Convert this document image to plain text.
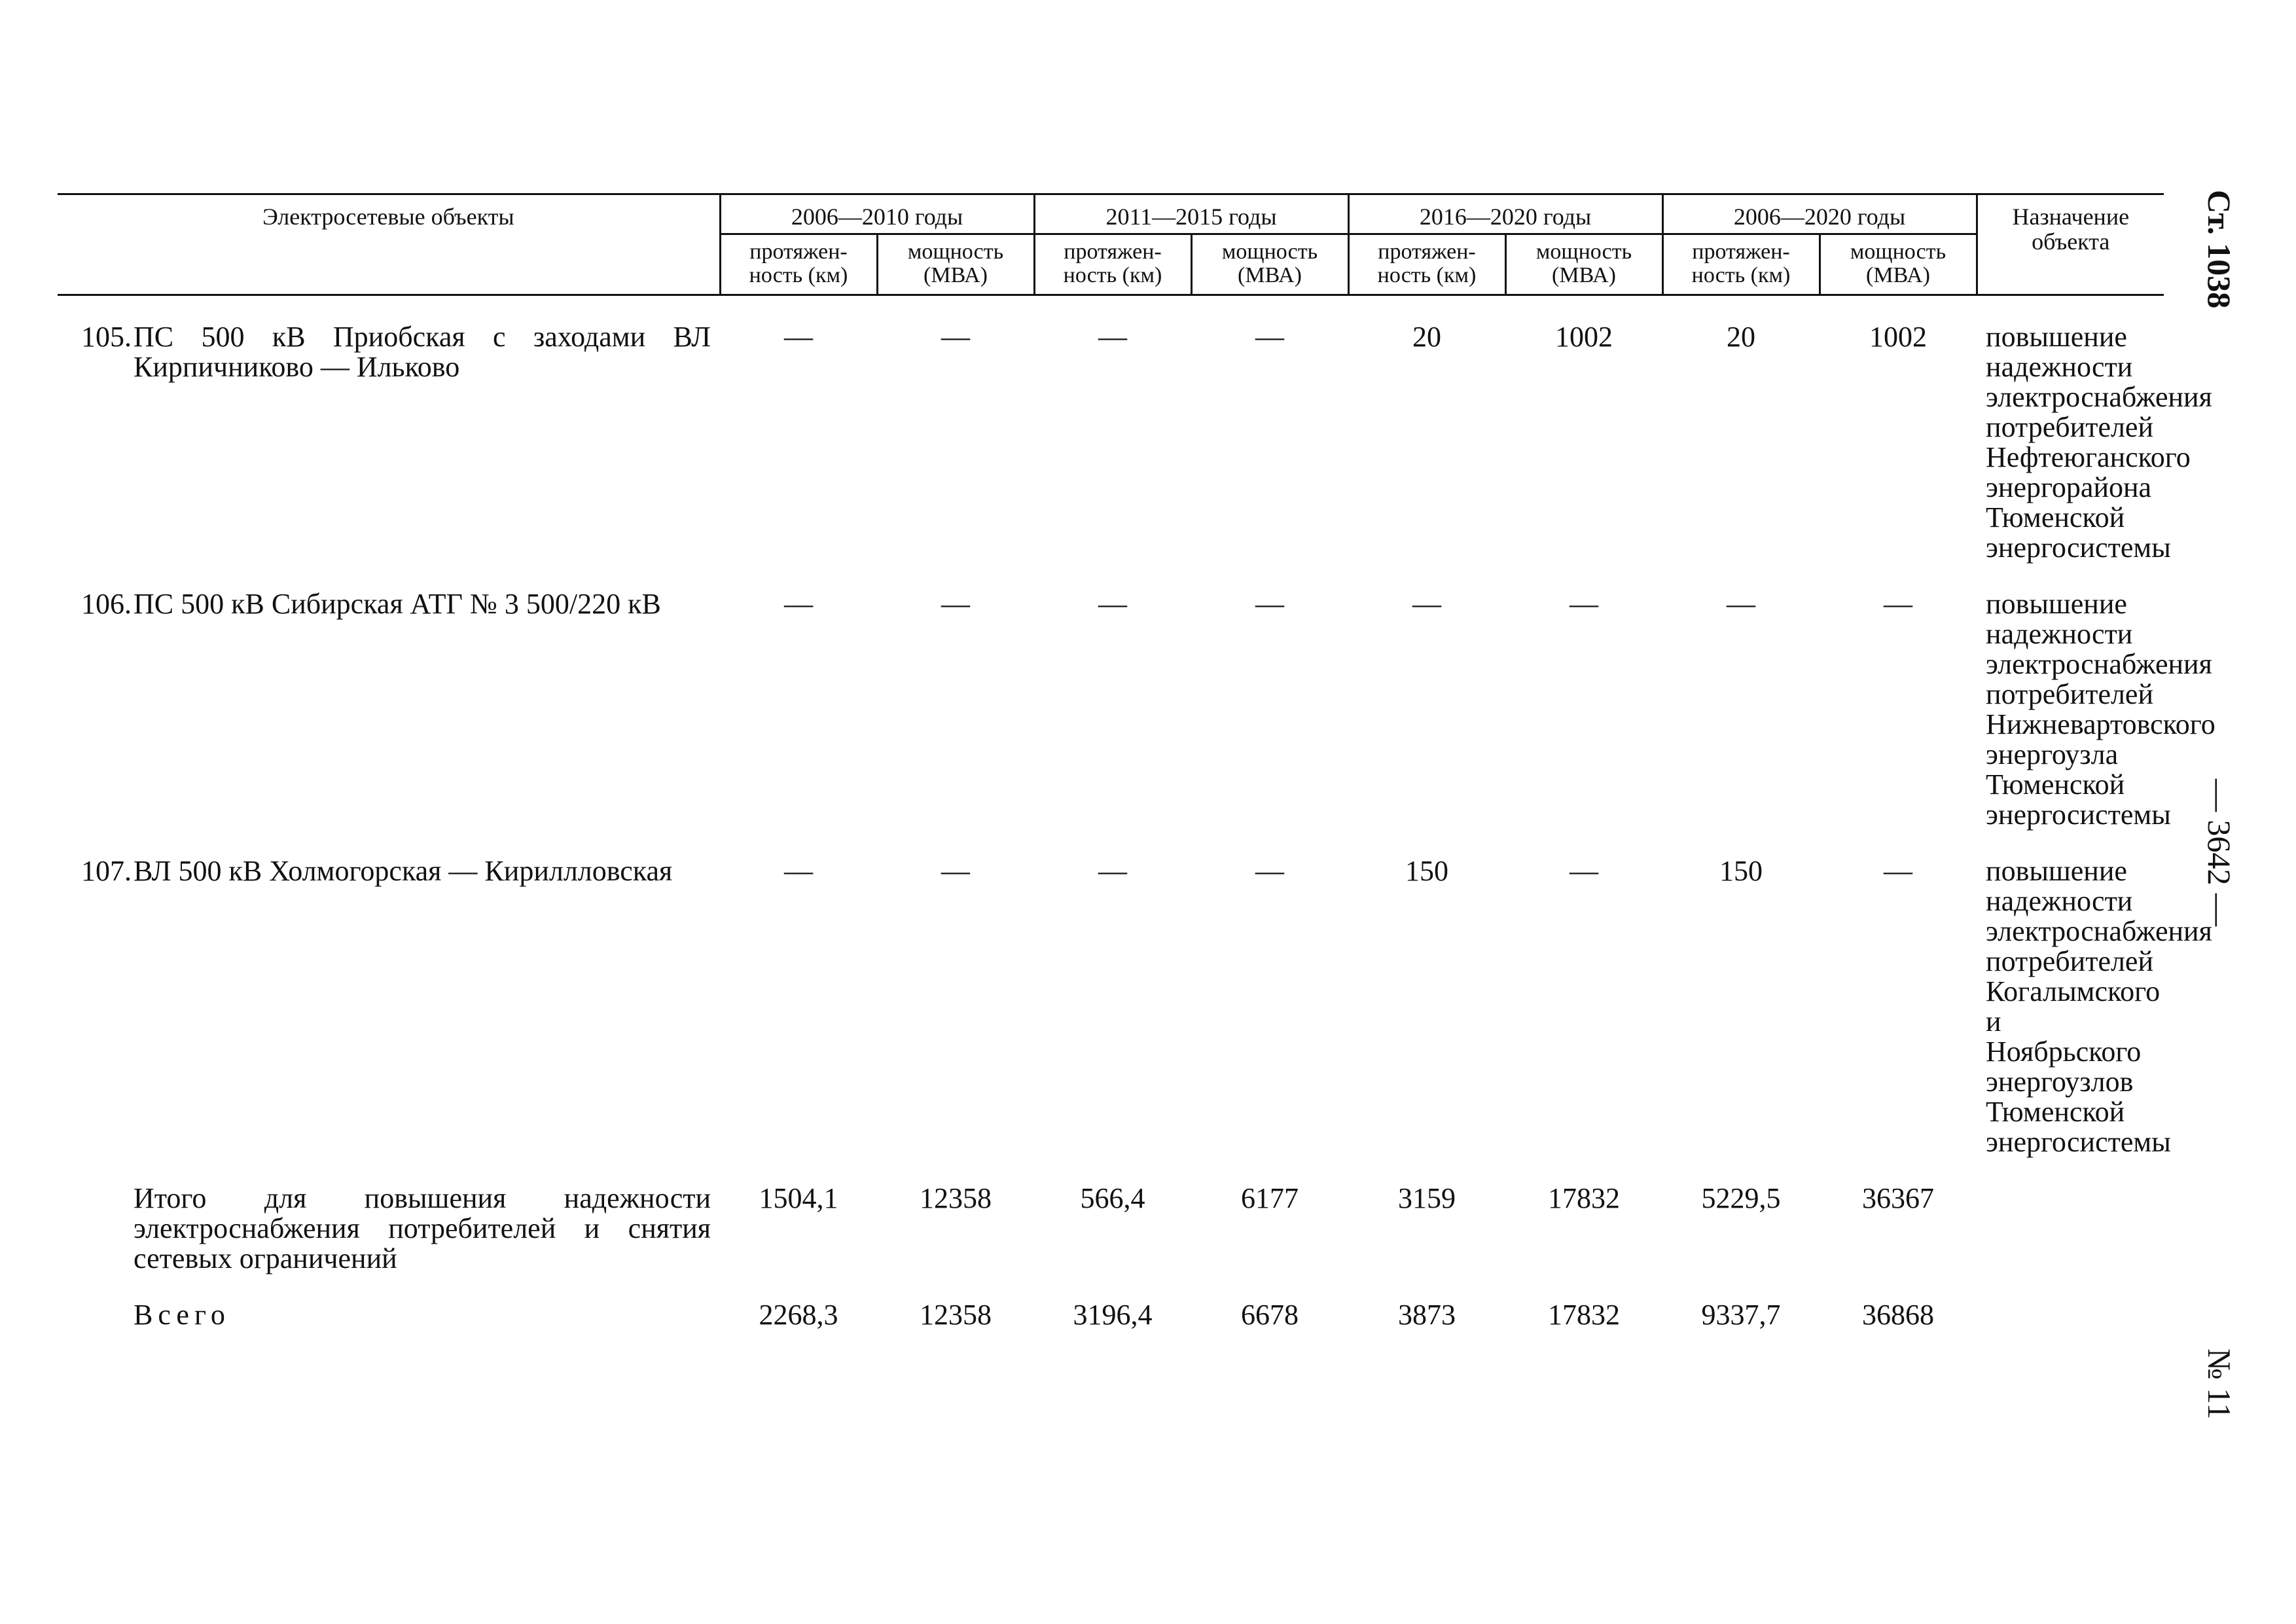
Электросетевые объекты		2006—2010 годы		2011—2015 годы		2016—2020 годы		2006—2020 годы		Назначение объекта
		протяжен- ность (км)	мощность (МВА)	протяжен- ность (км)	мощность (МВА)	протяжен- ность (км)	мощность (МВА)	протяжен- ность (км)	мощность (МВА)	
105.	ПС 500 кВ Приобская с заходами ВЛ Кирпичниково — Ильково	—	—	—	—	20	1002	20	1002	повышение надежности электроснабжения потребителей Нефтеюганского энергорайона Тюменской энергосистемы
106.	ПС 500 кВ Сибирская АТГ № 3 500/220 кВ	—	—	—	—	—	—	—	—	повышение надежности электроснабжения потребителей Нижневартовского энергоузла Тюменской энергосистемы
107.	ВЛ 500 кВ Холмогорская — Кириллловская	—	—	—	—	150	—	150	—	повышение надежности электроснабжения потребителей Когалымского и Ноябрьского энергоузлов Тюменской энергосистемы
	Итого для повышения надежности электроснабжения потребителей и снятия сетевых ограничений	1504,1	12358	566,4	6177	3159	17832	5229,5	36367	
	Всего	2268,3	12358	3196,4	6678	3873	17832	9337,7	36868	
Ст. 1038
— 3642 —
№ 11
